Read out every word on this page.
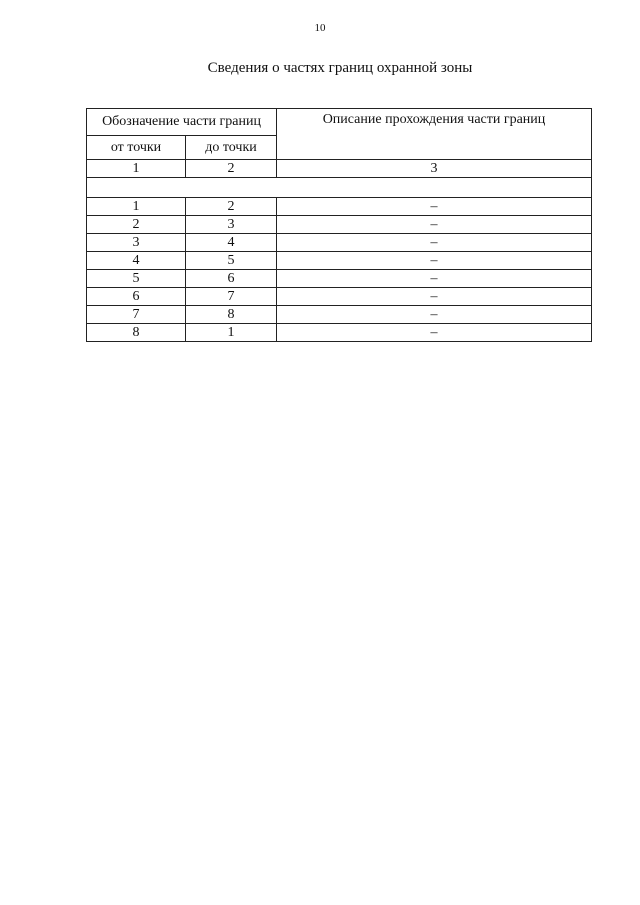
10
Сведения о частях границ охранной зоны
Обозначение части границ		Описание прохождения части границ
от точки	до точки	
1	2	3

1	2	–
2	3	–
3	4	–
4	5	–
5	6	–
6	7	–
7	8	–
8	1	–
